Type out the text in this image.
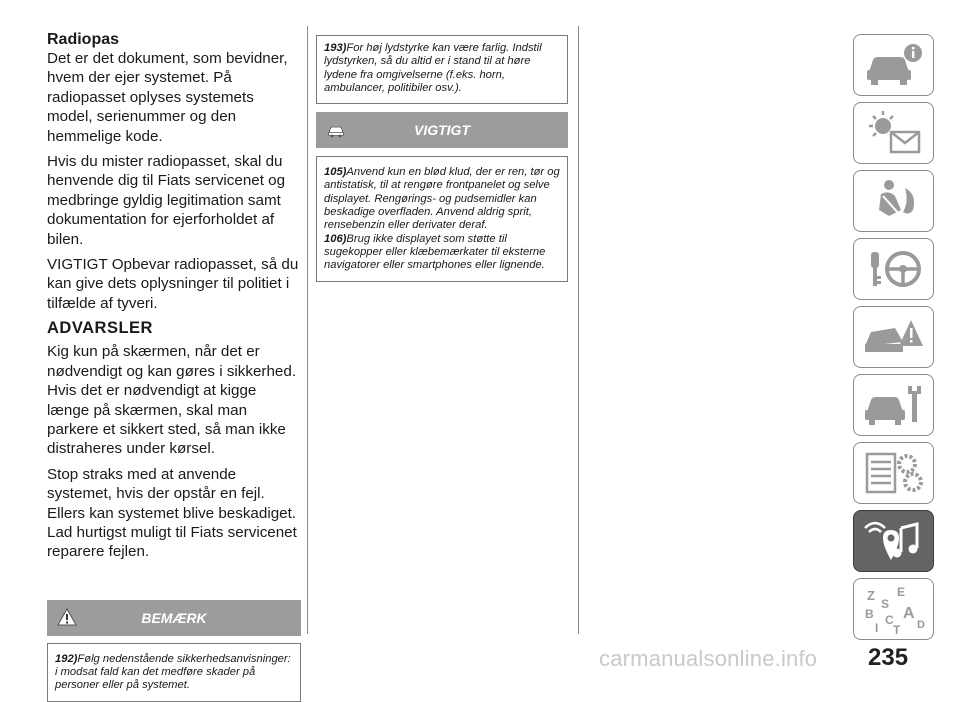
Radiopas

Det er det dokument, som bevidner, hvem der ejer systemet. På radiopasset oplyses systemets model, serienummer og den hemmelige kode.

Hvis du mister radiopasset, skal du henvende dig til Fiats servicenet og medbringe gyldig legitimation samt dokumentation for ejerforholdet af bilen.

VIGTIGT Opbevar radiopasset, så du kan give dets oplysninger til politiet i tilfælde af tyveri.

ADVARSLER

Kig kun på skærmen, når det er nødvendigt og kan gøres i sikkerhed. Hvis det er nødvendigt at kigge længe på skærmen, skal man parkere et sikkert sted, så man ikke distraheres under kørsel.

Stop straks med at anvende systemet, hvis der opstår en fejl. Ellers kan systemet blive beskadiget. Lad hurtigst muligt til Fiats servicenet reparere fejlen.

BEMÆRK
192)Følg nedenstående sikkerhedsanvisninger: i modsat fald kan det medføre skader på personer eller på systemet.
193)For høj lydstyrke kan være farlig. Indstil lydstyrken, så du altid er i stand til at høre lydene fra omgivelserne (f.eks. horn, ambulancer, politibiler osv.).
VIGTIGT
105)Anvend kun en blød klud, der er ren, tør og antistatisk, til at rengøre frontpanelet og selve displayet. Rengørings- og pudsemidler kan beskadige overfladen. Anvend aldrig sprit, rensebenzin eller derivater deraf.
106)Brug ikke displayet som støtte til sugekopper eller klæbemærkater til eksterne navigatorer eller smartphones eller lignende.
Z E
S
B A
C D
I T
carmanualsonline.info 235
